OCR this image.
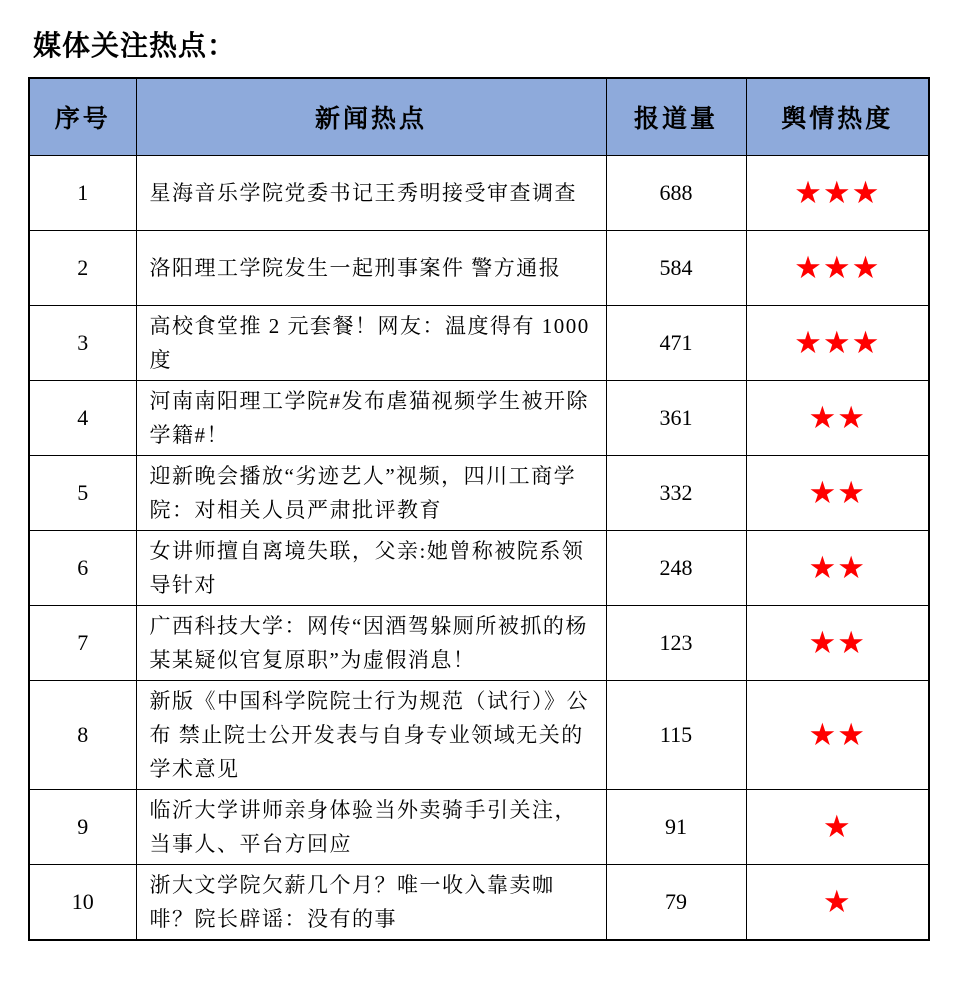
媒体关注热点：
序号	新闻热点	报道量	舆情热度
1	星海音乐学院党委书记王秀明接受审查调查	688	★★★
2	洛阳理工学院发生一起刑事案件 警方通报	584	★★★
3	高校食堂推 2 元套餐！网友：温度得有 1000 度	471	★★★
4	河南南阳理工学院#发布虐猫视频学生被开除学籍#！	361	★★
5	迎新晚会播放“劣迹艺人”视频，四川工商学院：对相关人员严肃批评教育	332	★★
6	女讲师擅自离境失联，父亲:她曾称被院系领导针对	248	★★
7	广西科技大学：网传“因酒驾躲厕所被抓的杨某某疑似官复原职”为虚假消息！	123	★★
8	新版《中国科学院院士行为规范（试行）》公布 禁止院士公开发表与自身专业领域无关的学术意见	115	★★
9	临沂大学讲师亲身体验当外卖骑手引关注，当事人、平台方回应	91	★
10	浙大文学院欠薪几个月？唯一收入靠卖咖啡？院长辟谣：没有的事	79	★
